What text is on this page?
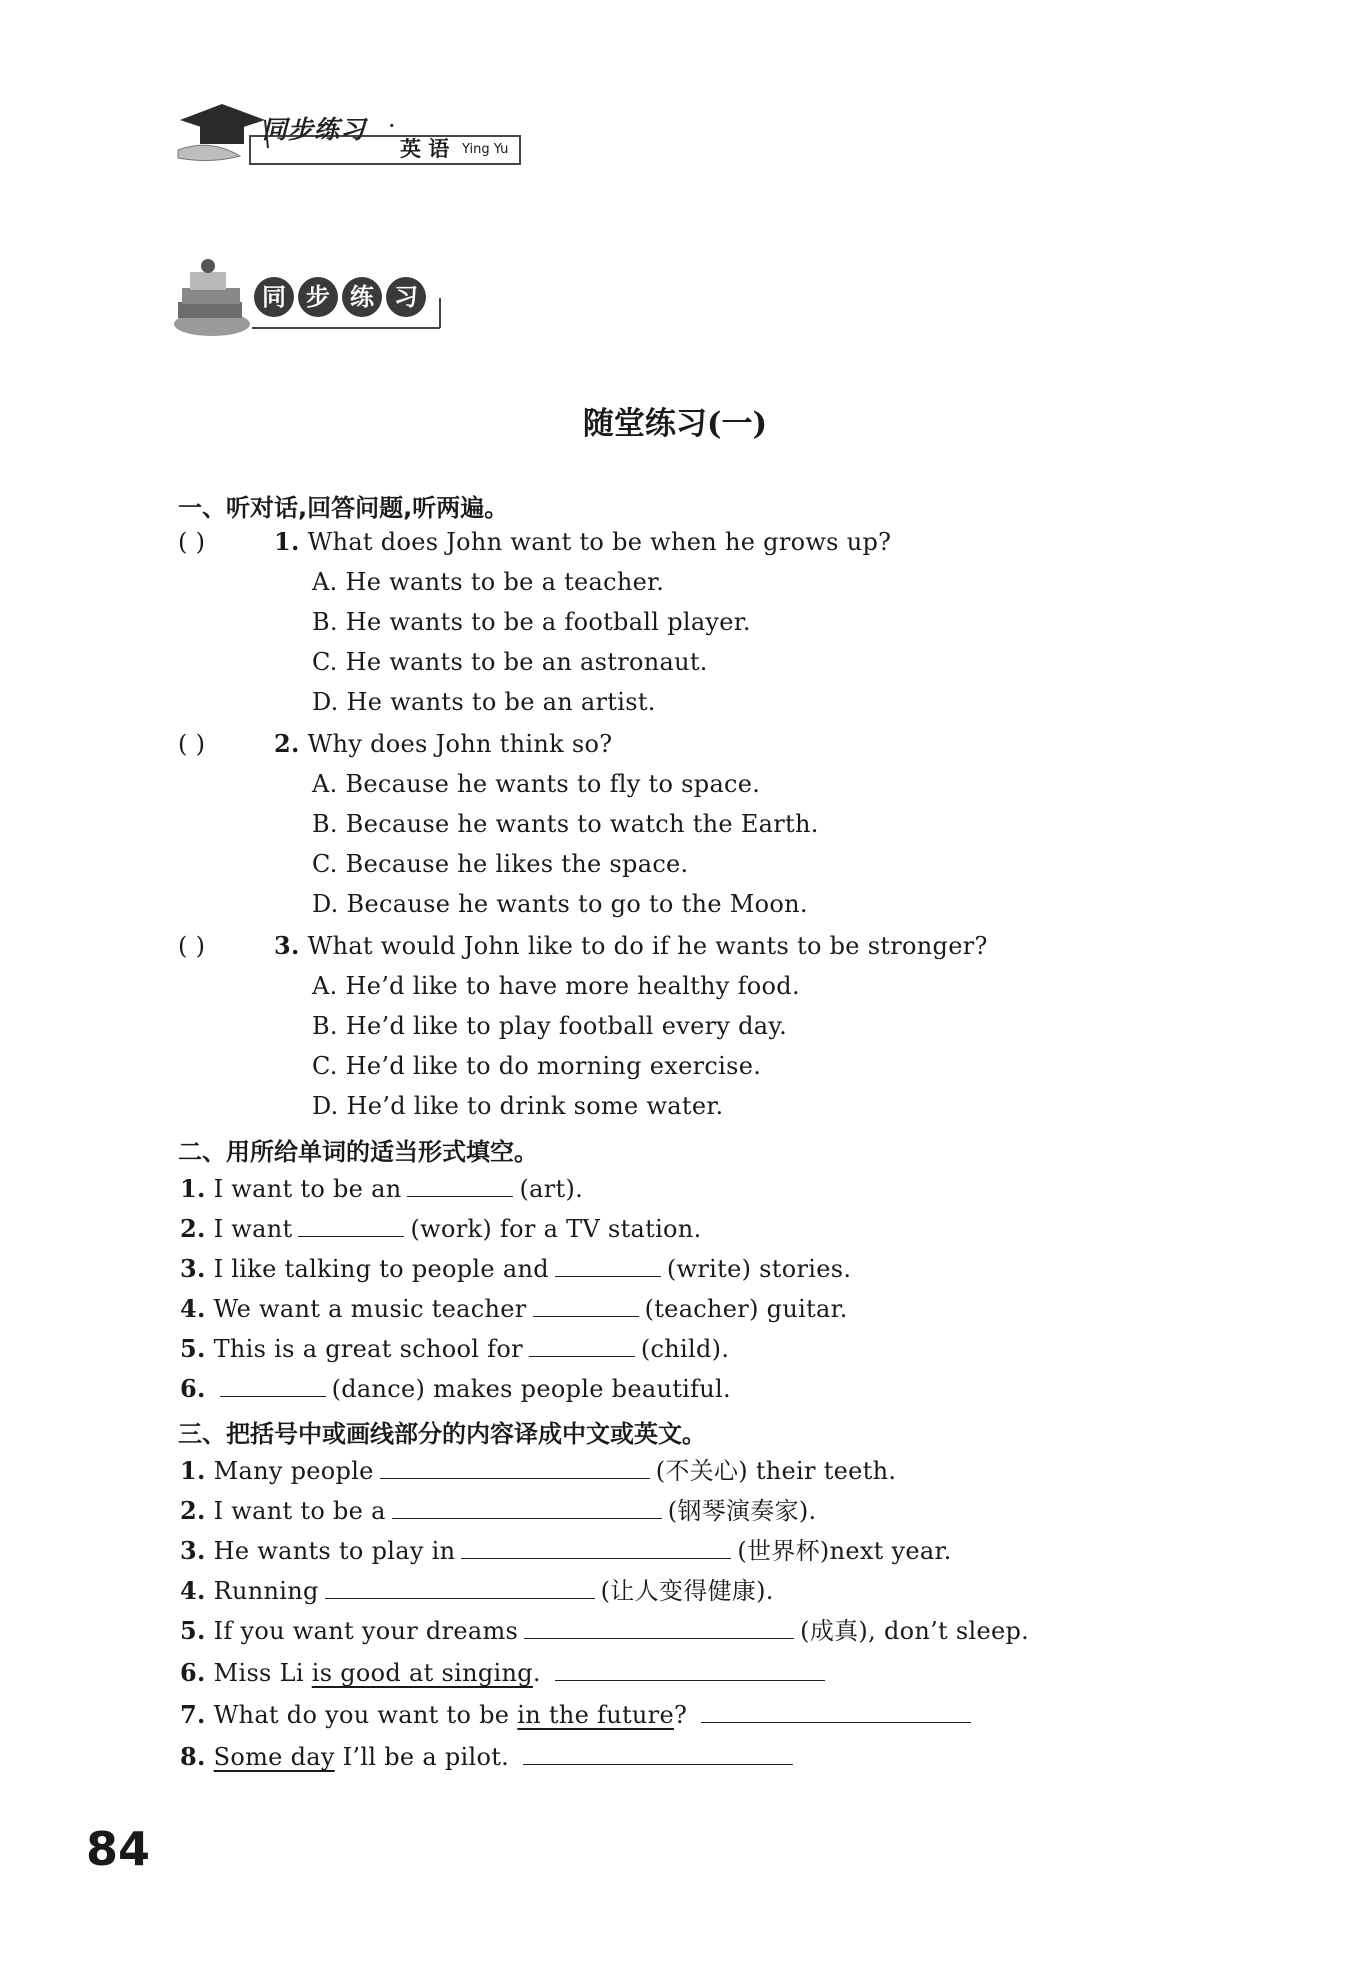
同步练习 ·
英 语 Ying Yu
同 步 练 习
随堂练习(一)
一、听对话,回答问题,听两遍。
( )	1. What does John want to be when he grows up?
A. He wants to be a teacher.
B. He wants to be a football player.
C. He wants to be an astronaut.
D. He wants to be an artist.
( )	2. Why does John think so?
A. Because he wants to fly to space.
B. Because he wants to watch the Earth.
C. Because he likes the space.
D. Because he wants to go to the Moon.
( )	3. What would John like to do if he wants to be stronger?
A. He’d like to have more healthy food.
B. He’d like to play football every day.
C. He’d like to do morning exercise.
D. He’d like to drink some water.
二、用所给单词的适当形式填空。
1. I want to be an	(art).
2. I want	(work) for a TV station.
3. I like talking to people and	(write) stories.
4. We want a music teacher	(teacher) guitar.
5. This is a great school for	(child).
6.	(dance) makes people beautiful.
三、把括号中或画线部分的内容译成中文或英文。
1. Many people	(不关心) their teeth.
2. I want to be a	(钢琴演奏家).
3. He wants to play in	(世界杯)next year.
4. Running	(让人变得健康).
5. If you want your dreams	(成真), don’t sleep.
6. Miss Li is good at singing.
7. What do you want to be in the future?
8. Some day I’ll be a pilot.
84
